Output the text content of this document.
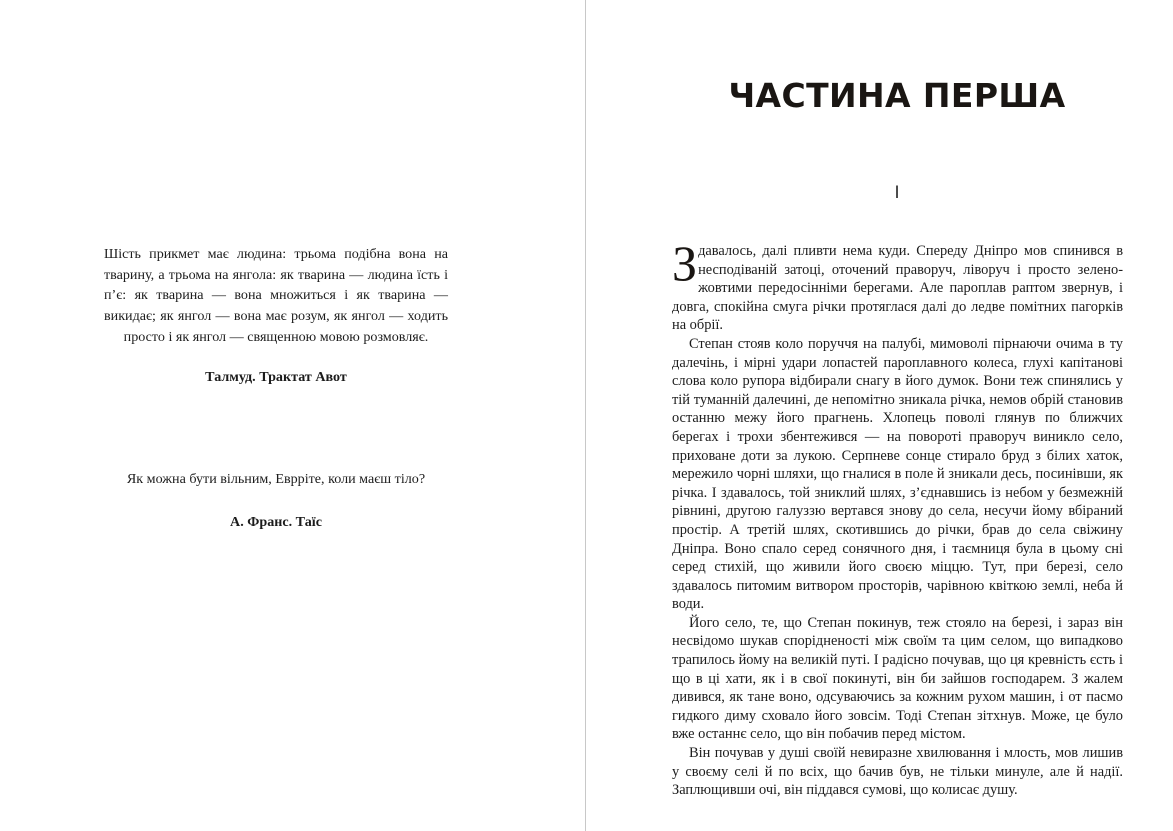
Шість прикмет має людина: трьома подібна вона на тварину, а трьома на янгола: як тварина — людина їсть і п’є: як тварина — вона множиться і як тварина — викидає; як янгол — вона має розум, як янгол — ходить просто і як янгол — священною мовою розмовляє.

Талмуд. Трактат Авот

Як можна бути вільним, Еврріте, коли маєш тіло?

А. Франс. Таїс

ЧАСТИНА ПЕРША
I

Здавалось, далі пливти нема куди. Спереду Дніпро мов спинився в несподіваній затоці, оточений праворуч, ліворуч і просто зелено-жовтими передосінніми берегами. Але пароплав раптом звернув, і довга, спокійна смуга річки протяглася далі до ледве помітних пагорків на обрії.

Степан стояв коло поруччя на палубі, мимоволі пірнаючи очима в ту далечінь, і мірні удари лопастей пароплавного колеса, глухі капітанові слова коло рупора відбирали снагу в його думок. Вони теж спинялись у тій туманній далечині, де непомітно зникала річка, немов обрій становив останню межу його прагнень. Хлопець поволі глянув по ближчих берегах і трохи збентежився — на повороті праворуч виникло село, приховане доти за лукою. Серпневе сонце стирало бруд з білих хаток, мережило чорні шляхи, що гналися в поле й зникали десь, посинівши, як річка. І здавалось, той зниклий шлях, з’єднавшись із небом у безмежній рівнині, другою галуззю вертався знову до села, несучи йому вбіраний простір. А третій шлях, скотившись до річки, брав до села свіжину Дніпра. Воно спало серед сонячного дня, і таємниця була в цьому сні серед стихій, що живили його своєю міццю. Тут, при березі, село здавалось питомим витвором просторів, чарівною квіткою землі, неба й води.

Його село, те, що Степан покинув, теж стояло на березі, і зараз він несвідомо шукав спорідненості між своїм та цим селом, що випадково трапилось йому на великій путі. І радісно почував, що ця кревність єсть і що в ці хати, як і в свої покинуті, він би зайшов господарем. З жалем дивився, як тане воно, одсуваючись за кожним рухом машин, і от пасмо гидкого диму сховало його зовсім. Тоді Степан зітхнув. Може, це було вже останнє село, що він побачив перед містом.

Він почував у душі своїй невиразне хвилювання і млость, мов лишив у своєму селі й по всіх, що бачив був, не тільки минуле, але й надії. Заплющивши очі, він піддався сумові, що колисає душу.
